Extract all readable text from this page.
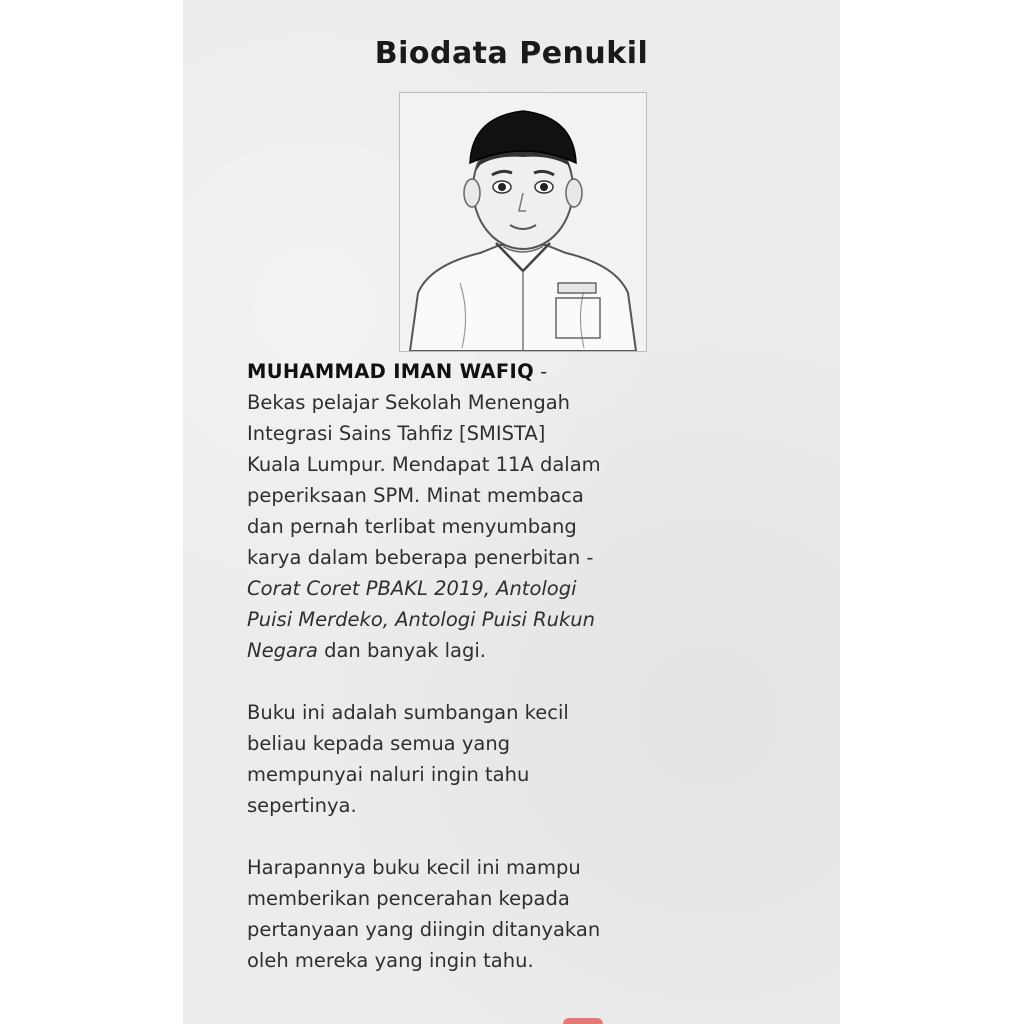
Biodata Penukil

MUHAMMAD IMAN WAFIQ -
Bekas pelajar Sekolah Menengah
Integrasi Sains Tahfiz [SMISTA]
Kuala Lumpur. Mendapat 11A dalam
peperiksaan SPM. Minat membaca
dan pernah terlibat menyumbang
karya dalam beberapa penerbitan -
Corat Coret PBAKL 2019, Antologi
Puisi Merdeko, Antologi Puisi Rukun
Negara dan banyak lagi.

Buku ini adalah sumbangan kecil
beliau kepada semua yang
mempunyai naluri ingin tahu
sepertinya.

Harapannya buku kecil ini mampu
memberikan pencerahan kepada
pertanyaan yang diingin ditanyakan
oleh mereka yang ingin tahu.
